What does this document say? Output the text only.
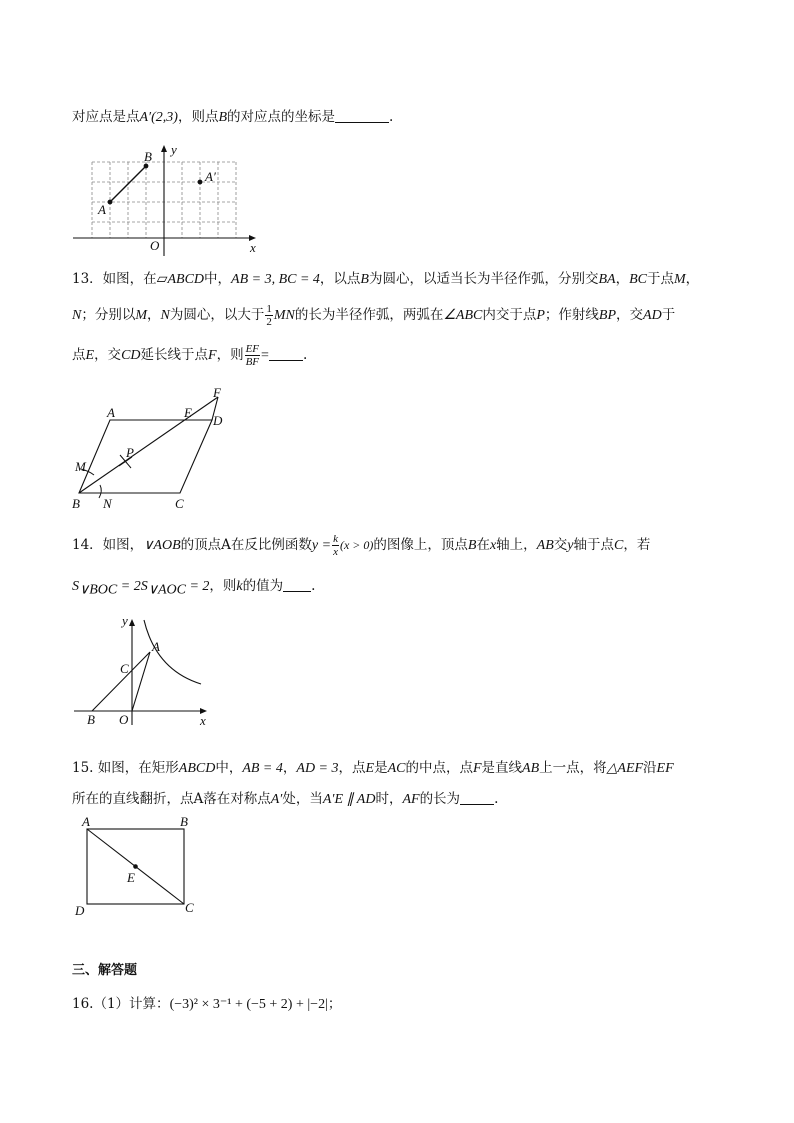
对应点是点A′(2,3)，则点B的对应点的坐标是	.
B
A
A′
y
O	x
13．如图，在▱ABCD中，AB = 3, BC = 4，以点B为圆心，以适当长为半径作弧，分别交BA，BC于点M，
N；分别以M，N为圆心，以大于 $\frac{1}{2}$ MN的长为半径作弧，两弧在∠ABC内交于点P；作射线BP，交AD于
点E，交CD延长线于点F，则 $\frac{EF}{BF}$ =	.
A	E
F
D
M
P
B N	C
14．如图，∨AOB的顶点A在反比例函数$y = \frac{k}{x} (x > 0)$的图像上，顶点B在x轴上，AB交y轴于点C，若
$S_{\vee BOC} = 2S_{\vee AOC} = 2$，则k的值为 .
y
A
C
B O	x
15. 如图，在矩形ABCD中，AB = 4，AD = 3，点E是AC的中点，点F是直线AB上一点，将△AEF沿EF
所在的直线翻折，点A落在对称点A′处，当A′E ∥ AD时，AF的长为	.
A	B
E
D	C
三、解答题
16.（1）计算：(−3)² × 3⁻¹ + (−5 + 2) + |−2|；
